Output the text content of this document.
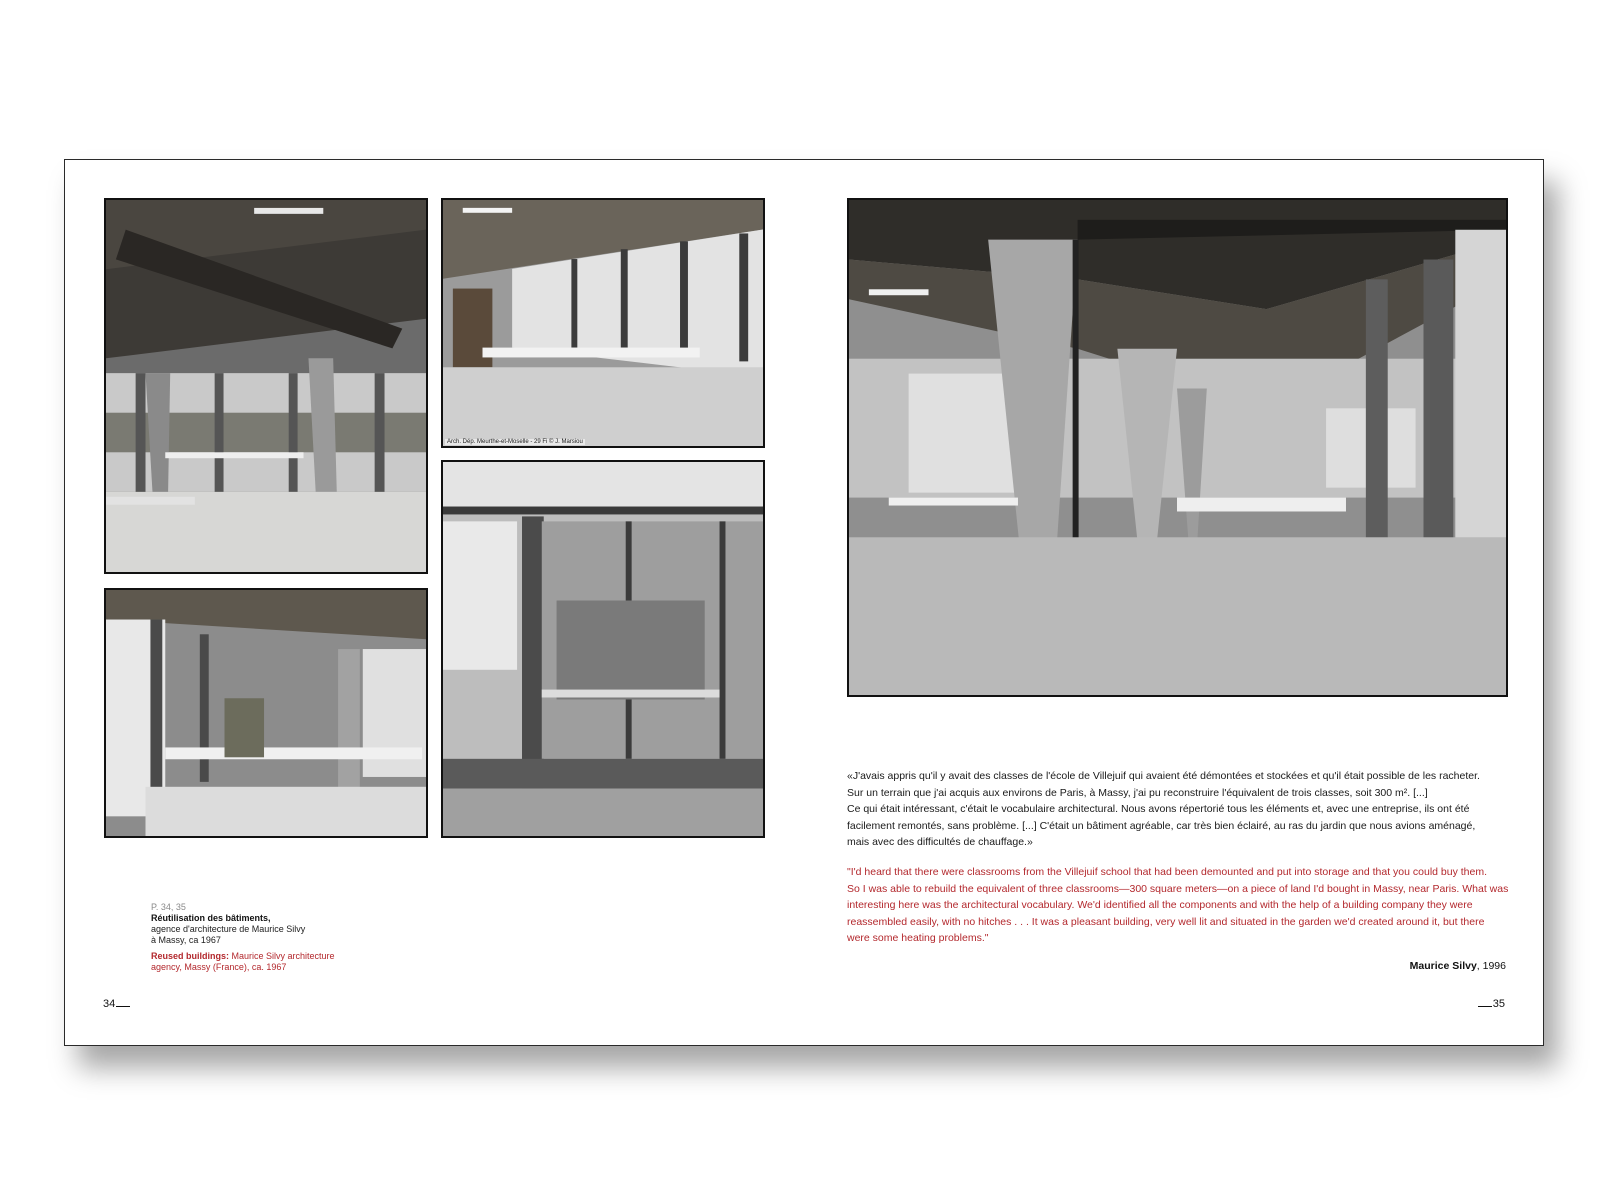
Arch. Dép. Meurthe-et-Moselle - 29 Fi © J. Marsiou
P. 34, 35
Réutilisation des bâtiments,
agence d'architecture de Maurice Silvy
à Massy, ca 1967
Reused buildings: Maurice Silvy architecture
agency, Massy (France), ca. 1967
«J'avais appris qu'il y avait des classes de l'école de Villejuif qui avaient été démontées et stockées et qu'il était possible de les racheter.
Sur un terrain que j'ai acquis aux environs de Paris, à Massy, j'ai pu reconstruire l'équivalent de trois classes, soit 300 m². [...]
Ce qui était intéressant, c'était le vocabulaire architectural. Nous avons répertorié tous les éléments et, avec une entreprise, ils ont été
facilement remontés, sans problème. [...] C'était un bâtiment agréable, car très bien éclairé, au ras du jardin que nous avions aménagé,
mais avec des difficultés de chauffage.»
"I'd heard that there were classrooms from the Villejuif school that had been demounted and put into storage and that you could buy them.
So I was able to rebuild the equivalent of three classrooms—300 square meters—on a piece of land I'd bought in Massy, near Paris. What was
interesting here was the architectural vocabulary. We'd identified all the components and with the help of a building company they were
reassembled easily, with no hitches . . . It was a pleasant building, very well lit and situated in the garden we'd created around it, but there
were some heating problems."
Maurice Silvy, 1996
34	35
